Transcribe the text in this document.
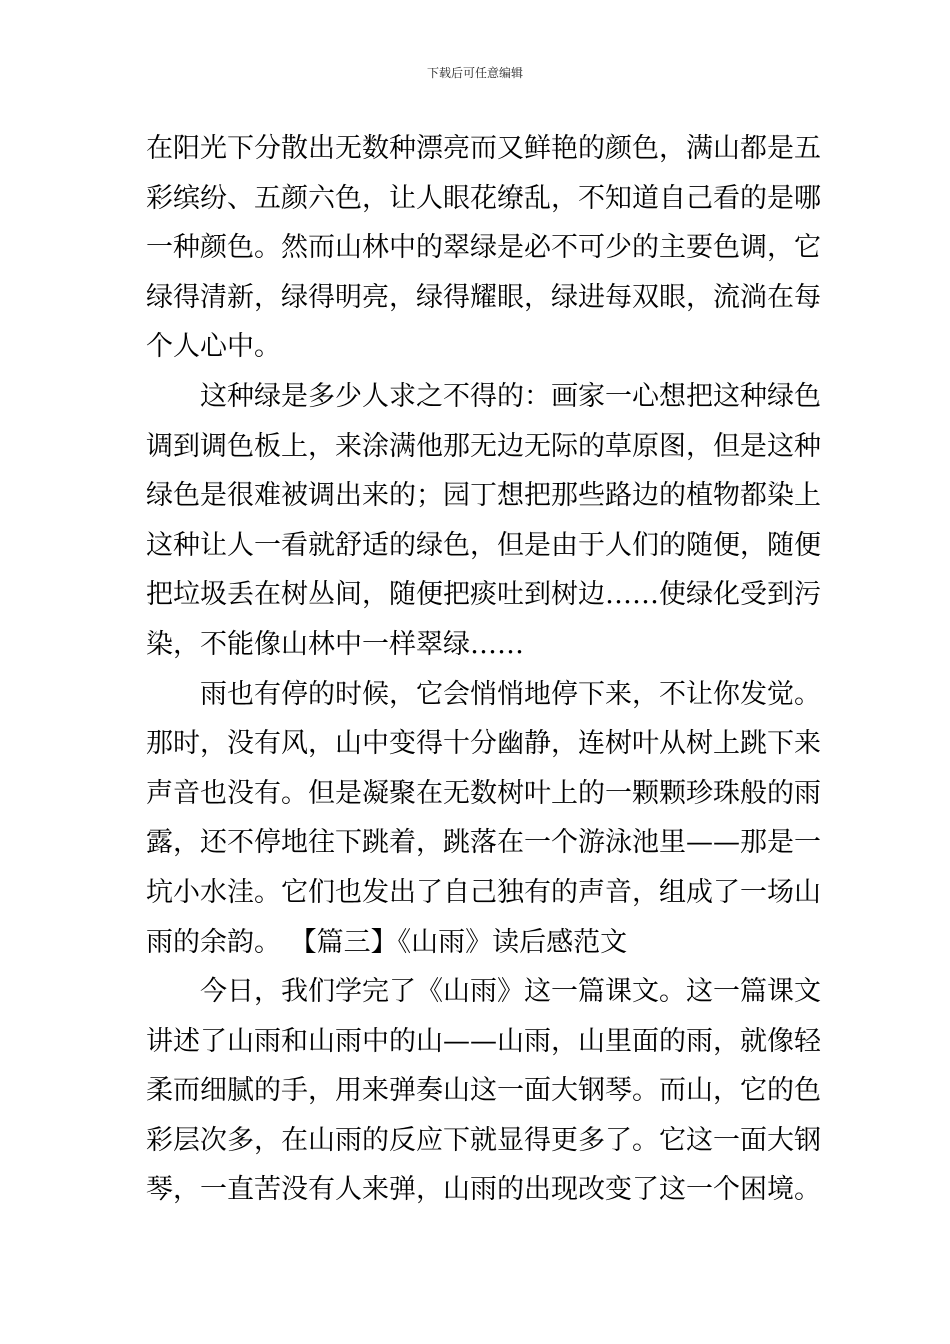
下载后可任意编辑
在阳光下分散出无数种漂亮而又鲜艳的颜色，满山都是五
彩缤纷、五颜六色，让人眼花缭乱，不知道自己看的是哪
一种颜色。然而山林中的翠绿是必不可少的主要色调，它
绿得清新，绿得明亮，绿得耀眼，绿进每双眼，流淌在每
个人心中。
这种绿是多少人求之不得的：画家一心想把这种绿色
调到调色板上，来涂满他那无边无际的草原图，但是这种
绿色是很难被调出来的；园丁想把那些路边的植物都染上
这种让人一看就舒适的绿色，但是由于人们的随便，随便
把垃圾丢在树丛间，随便把痰吐到树边……使绿化受到污
染，不能像山林中一样翠绿……
雨也有停的时候，它会悄悄地停下来，不让你发觉。
那时，没有风，山中变得十分幽静，连树叶从树上跳下来
声音也没有。但是凝聚在无数树叶上的一颗颗珍珠般的雨
露，还不停地往下跳着，跳落在一个游泳池里——那是一
坑小水洼。它们也发出了自己独有的声音，组成了一场山
雨的余韵。 【篇三】《山雨》读后感范文
今日，我们学完了《山雨》这一篇课文。这一篇课文
讲述了山雨和山雨中的山——山雨，山里面的雨，就像轻
柔而细腻的手，用来弹奏山这一面大钢琴。而山，它的色
彩层次多，在山雨的反应下就显得更多了。它这一面大钢
琴，一直苦没有人来弹，山雨的出现改变了这一个困境。
